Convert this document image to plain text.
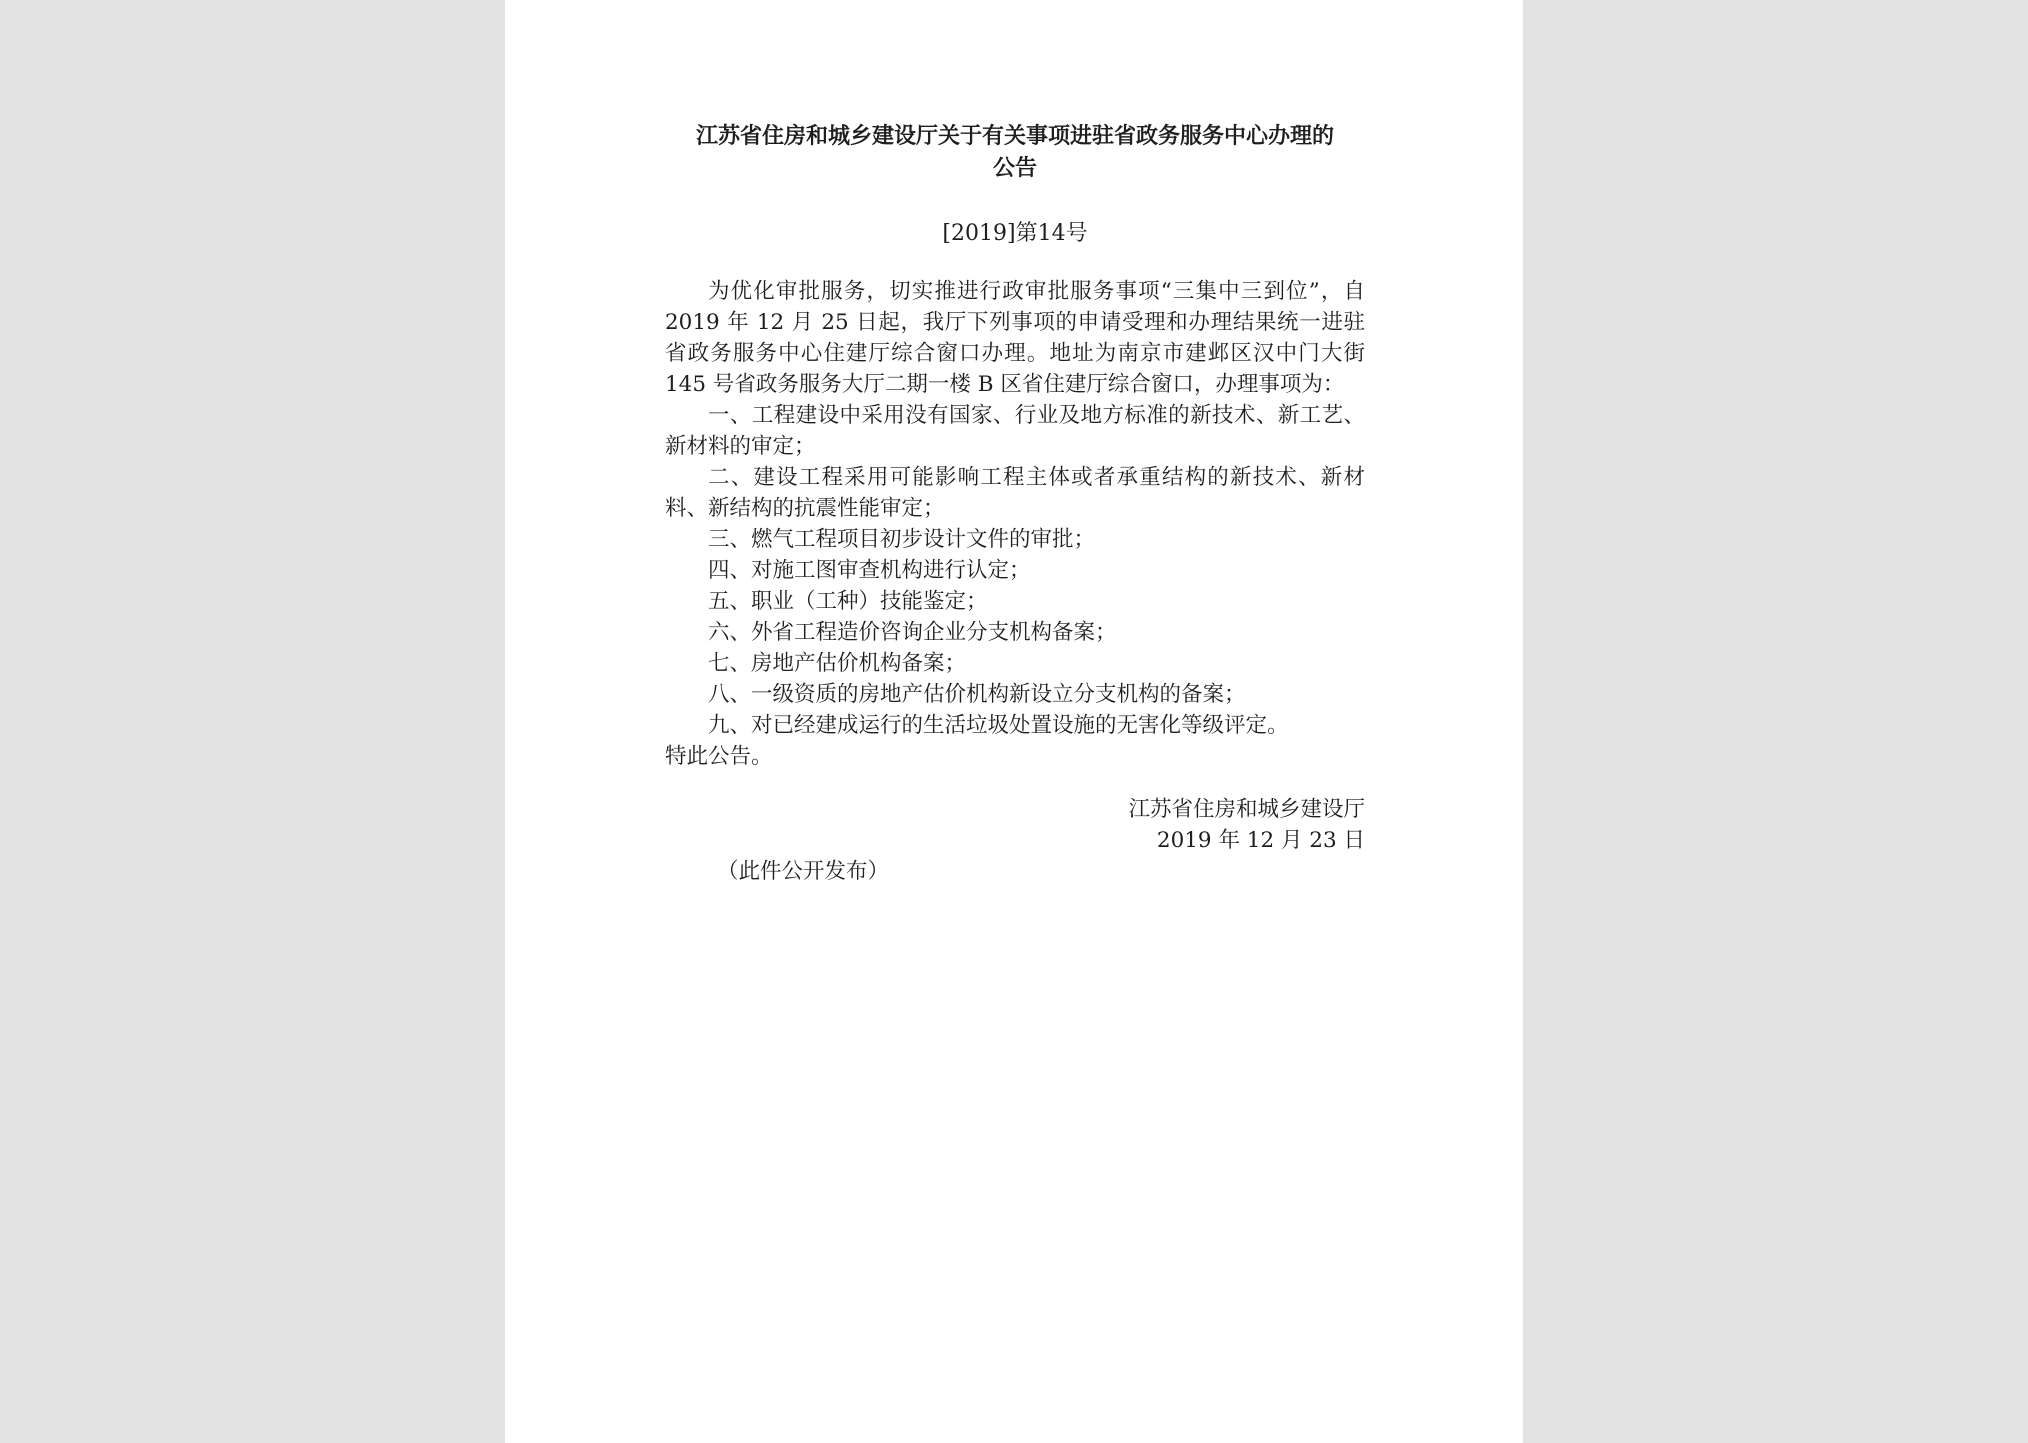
江苏省住房和城乡建设厅关于有关事项进驻省政务服务中心办理的
公告
[2019]第14号

为优化审批服务，切实推进行政审批服务事项“三集中三到位”，自 2019 年 12 月 25 日起，我厅下列事项的申请受理和办理结果统一进驻省政务服务中心住建厅综合窗口办理。地址为南京市建邺区汉中门大街 145 号省政务服务大厅二期一楼 B 区省住建厅综合窗口，办理事项为：

一、工程建设中采用没有国家、行业及地方标准的新技术、新工艺、新材料的审定；

二、建设工程采用可能影响工程主体或者承重结构的新技术、新材料、新结构的抗震性能审定；

三、燃气工程项目初步设计文件的审批；

四、对施工图审查机构进行认定；

五、职业（工种）技能鉴定；

六、外省工程造价咨询企业分支机构备案；

七、房地产估价机构备案；

八、一级资质的房地产估价机构新设立分支机构的备案；

九、对已经建成运行的生活垃圾处置设施的无害化等级评定。

特此公告。

江苏省住房和城乡建设厅
2019 年 12 月 23 日
（此件公开发布）
